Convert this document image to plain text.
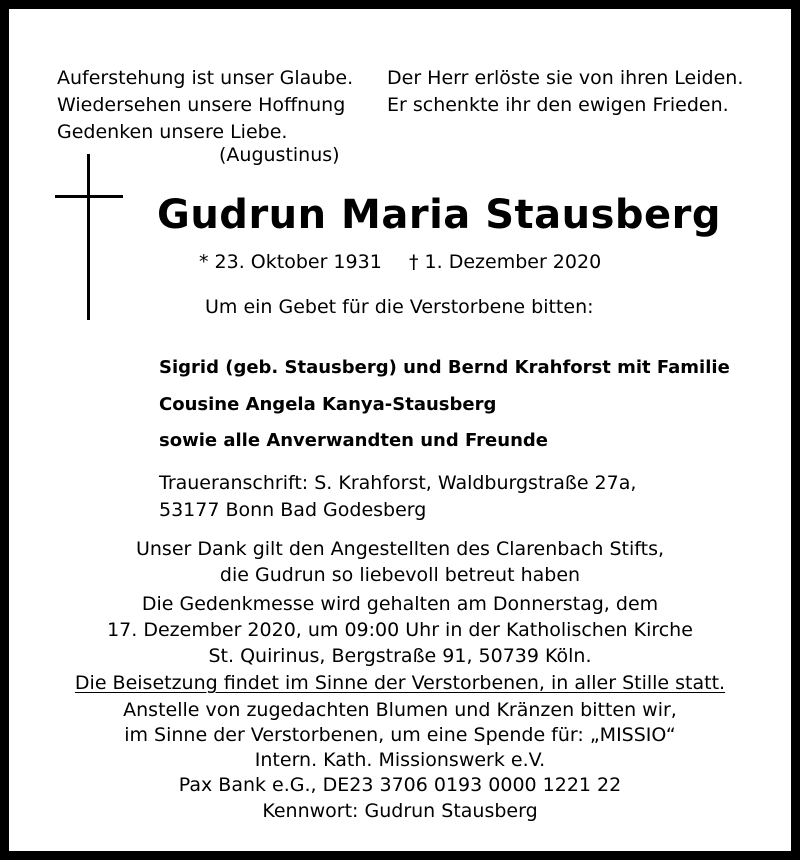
Auferstehung ist unser Glaube.
Wiedersehen unsere Hoffnung
Gedenken unsere Liebe.
(Augustinus)
Der Herr erlöste sie von ihren Leiden.
Er schenkte ihr den ewigen Frieden.
Gudrun Maria Stausberg
* 23. Oktober 1931 † 1. Dezember 2020
Um ein Gebet für die Verstorbene bitten:
Sigrid (geb. Stausberg) und Bernd Krahforst mit Familie
Cousine Angela Kanya-Stausberg
sowie alle Anverwandten und Freunde
Traueranschrift: S. Krahforst, Waldburgstraße 27a,
53177 Bonn Bad Godesberg
Unser Dank gilt den Angestellten des Clarenbach Stifts,
die Gudrun so liebevoll betreut haben
Die Gedenkmesse wird gehalten am Donnerstag, dem
17. Dezember 2020, um 09:00 Uhr in der Katholischen Kirche
St. Quirinus, Bergstraße 91, 50739 Köln.
Die Beisetzung findet im Sinne der Verstorbenen, in aller Stille statt.
Anstelle von zugedachten Blumen und Kränzen bitten wir,
im Sinne der Verstorbenen, um eine Spende für: „MISSIO“
Intern. Kath. Missionswerk e.V.
Pax Bank e.G., DE23 3706 0193 0000 1221 22
Kennwort: Gudrun Stausberg
